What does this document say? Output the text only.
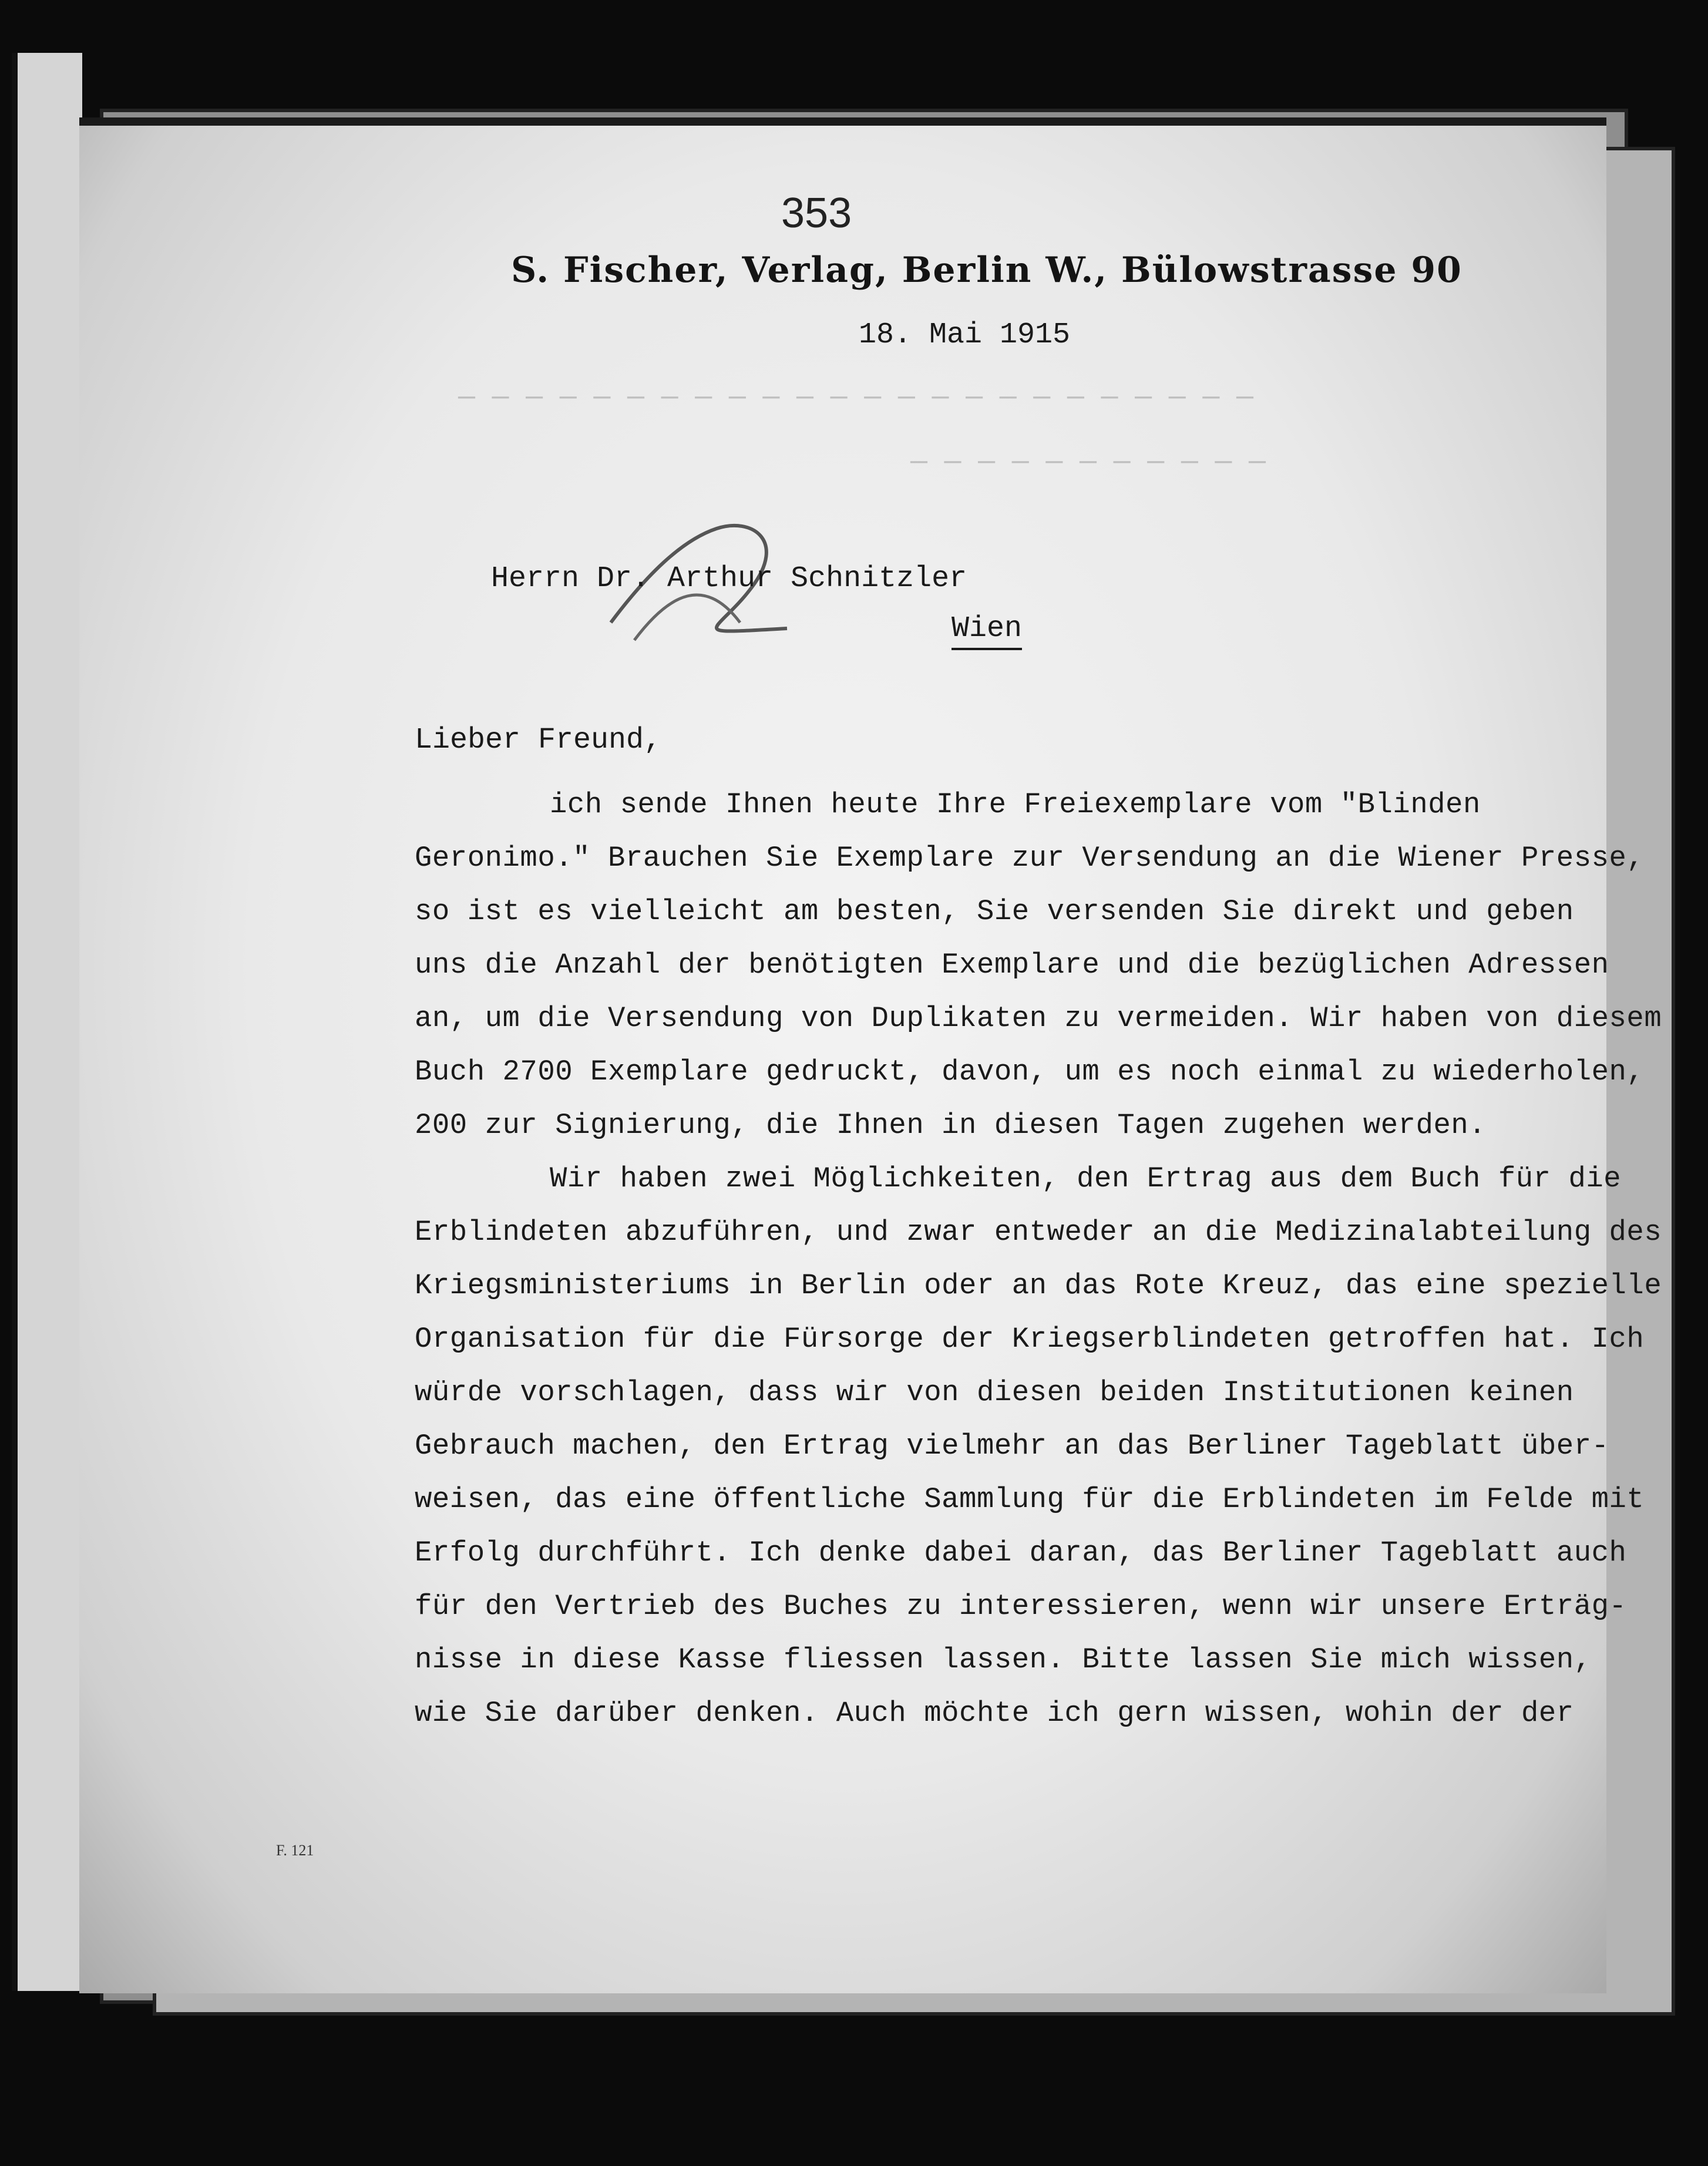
— — — — — — — — — — — — — — — — — — — — — — — —
— — — — — — — — — — —
353
S. Fischer, Verlag, Berlin W., Bülowstrasse 90
18. Mai 1915
Herrn Dr. Arthur Schnitzler
Wien
Lieber Freund,
ich sende Ihnen heute Ihre Freiexemplare vom "Blinden
Geronimo." Brauchen Sie Exemplare zur Versendung an die Wiener Presse,
so ist es vielleicht am besten, Sie versenden Sie direkt und geben
uns die Anzahl der benötigten Exemplare und die bezüglichen Adressen
an, um die Versendung von Duplikaten zu vermeiden. Wir haben von diesem
Buch 2700 Exemplare gedruckt, davon, um es noch einmal zu wiederholen,
200 zur Signierung, die Ihnen in diesen Tagen zugehen werden.
Wir haben zwei Möglichkeiten, den Ertrag aus dem Buch für die
Erblindeten abzuführen, und zwar entweder an die Medizinalabteilung des
Kriegsministeriums in Berlin oder an das Rote Kreuz, das eine spezielle
Organisation für die Fürsorge der Kriegserblindeten getroffen hat. Ich
würde vorschlagen, dass wir von diesen beiden Institutionen keinen
Gebrauch machen, den Ertrag vielmehr an das Berliner Tageblatt über-
weisen, das eine öffentliche Sammlung für die Erblindeten im Felde mit
Erfolg durchführt. Ich denke dabei daran, das Berliner Tageblatt auch
für den Vertrieb des Buches zu interessieren, wenn wir unsere Erträg-
nisse in diese Kasse fliessen lassen. Bitte lassen Sie mich wissen,
wie Sie darüber denken. Auch möchte ich gern wissen, wohin der der
F. 121
